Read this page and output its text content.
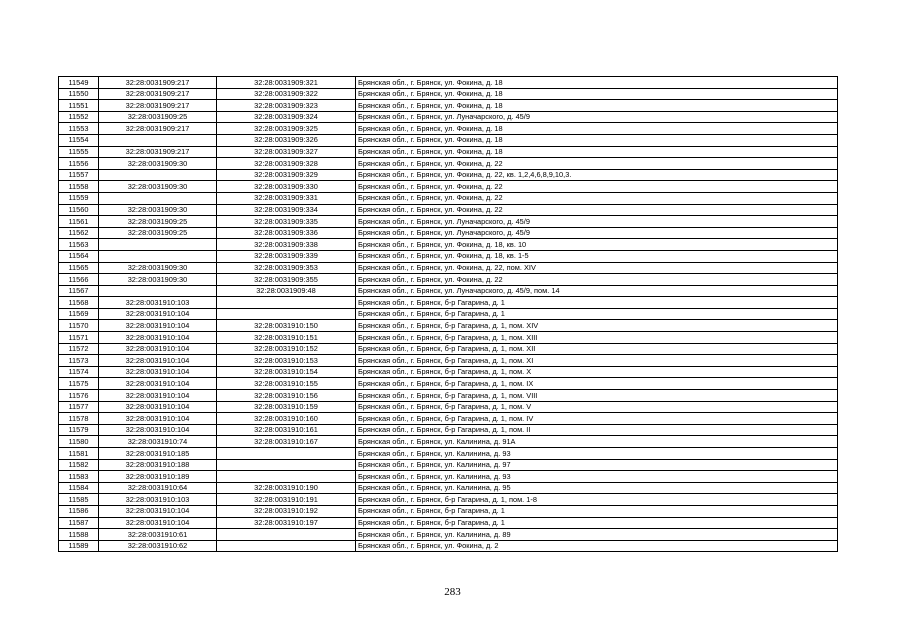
11549	32:28:0031909:217	32:28:0031909:321	Брянская обл., г. Брянск, ул. Фокина, д. 18
11550	32:28:0031909:217	32:28:0031909:322	Брянская обл., г. Брянск, ул. Фокина, д. 18
11551	32:28:0031909:217	32:28:0031909:323	Брянская обл., г. Брянск, ул. Фокина, д. 18
11552	32:28:0031909:25	32:28:0031909:324	Брянская обл., г. Брянск, ул. Луначарского, д. 45/9
11553	32:28:0031909:217	32:28:0031909:325	Брянская обл., г. Брянск, ул. Фокина, д. 18
11554		32:28:0031909:326	Брянская обл., г. Брянск, ул. Фокина, д. 18
11555	32:28:0031909:217	32:28:0031909:327	Брянская обл., г. Брянск, ул. Фокина, д. 18
11556	32:28:0031909:30	32:28:0031909:328	Брянская обл., г. Брянск, ул. Фокина, д. 22
11557		32:28:0031909:329	Брянская обл., г. Брянск, ул. Фокина, д. 22, кв. 1,2,4,6,8,9,10,3.
11558	32:28:0031909:30	32:28:0031909:330	Брянская обл., г. Брянск, ул. Фокина, д. 22
11559		32:28:0031909:331	Брянская обл., г. Брянск, ул. Фокина, д. 22
11560	32:28:0031909:30	32:28:0031909:334	Брянская обл., г. Брянск, ул. Фокина, д. 22
11561	32:28:0031909:25	32:28:0031909:335	Брянская обл., г. Брянск, ул. Луначарского, д. 45/9
11562	32:28:0031909:25	32:28:0031909:336	Брянская обл., г. Брянск, ул. Луначарского, д. 45/9
11563		32:28:0031909:338	Брянская обл., г. Брянск, ул. Фокина, д. 18, кв. 10
11564		32:28:0031909:339	Брянская обл., г. Брянск, ул. Фокина, д. 18, кв. 1-5
11565	32:28:0031909:30	32:28:0031909:353	Брянская обл., г. Брянск, ул. Фокина, д. 22, пом. XIV
11566	32:28:0031909:30	32:28:0031909:355	Брянская обл., г. Брянск, ул. Фокина, д. 22
11567		32:28:0031909:48	Брянская обл., г. Брянск, ул. Луначарского, д. 45/9, пом. 14
11568	32:28:0031910:103		Брянская обл., г. Брянск, б-р Гагарина, д. 1
11569	32:28:0031910:104		Брянская обл., г. Брянск, б-р Гагарина, д. 1
11570	32:28:0031910:104	32:28:0031910:150	Брянская обл., г. Брянск, б-р Гагарина, д. 1, пом. XIV
11571	32:28:0031910:104	32:28:0031910:151	Брянская обл., г. Брянск, б-р Гагарина, д. 1, пом. XIII
11572	32:28:0031910:104	32:28:0031910:152	Брянская обл., г. Брянск, б-р Гагарина, д. 1, пом. XII
11573	32:28:0031910:104	32:28:0031910:153	Брянская обл., г. Брянск, б-р Гагарина, д. 1, пом. XI
11574	32:28:0031910:104	32:28:0031910:154	Брянская обл., г. Брянск, б-р Гагарина, д. 1, пом. X
11575	32:28:0031910:104	32:28:0031910:155	Брянская обл., г. Брянск, б-р Гагарина, д. 1, пом. IX
11576	32:28:0031910:104	32:28:0031910:156	Брянская обл., г. Брянск, б-р Гагарина, д. 1, пом. VIII
11577	32:28:0031910:104	32:28:0031910:159	Брянская обл., г. Брянск, б-р Гагарина, д. 1, пом. V
11578	32:28:0031910:104	32:28:0031910:160	Брянская обл., г. Брянск, б-р Гагарина, д. 1, пом. IV
11579	32:28:0031910:104	32:28:0031910:161	Брянская обл., г. Брянск, б-р Гагарина, д. 1, пом. II
11580	32:28:0031910:74	32:28:0031910:167	Брянская обл., г. Брянск, ул. Калинина, д. 91А
11581	32:28:0031910:185		Брянская обл., г. Брянск, ул. Калинина, д. 93
11582	32:28:0031910:188		Брянская обл., г. Брянск, ул. Калинина, д. 97
11583	32:28:0031910:189		Брянская обл., г. Брянск, ул. Калинина, д. 93
11584	32:28:0031910:64	32:28:0031910:190	Брянская обл., г. Брянск, ул. Калинина, д. 95
11585	32:28:0031910:103	32:28:0031910:191	Брянская обл., г. Брянск, б-р Гагарина, д. 1, пом. 1-8
11586	32:28:0031910:104	32:28:0031910:192	Брянская обл., г. Брянск, б-р Гагарина, д. 1
11587	32:28:0031910:104	32:28:0031910:197	Брянская обл., г. Брянск, б-р Гагарина, д. 1
11588	32:28:0031910:61		Брянская обл., г. Брянск, ул. Калинина, д. 89
11589	32:28:0031910:62		Брянская обл., г. Брянск, ул. Фокина, д. 2
283
